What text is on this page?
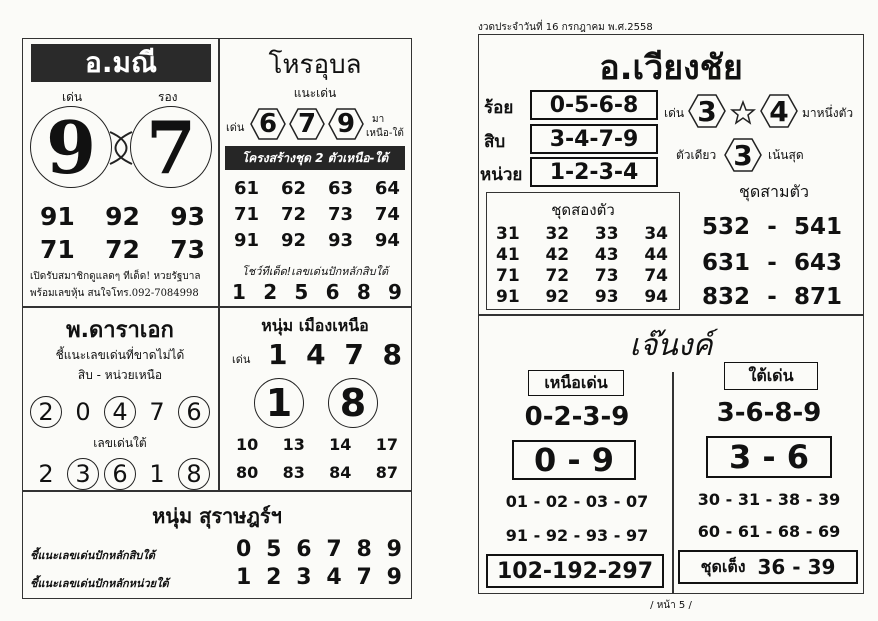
อ.มณี
เด่น	รอง
9 7
91 92 93
71 72 73
เปิดรับสมาชิกดูแลดๆ ทีเด็ด! หวยรัฐบาล
พร้อมเลขหุ้น สนใจโทร.092-7084998
โหรอุบล
แนะเด่น
เด่น 6 7 9 มา
เหนือ-ใต้
โครงสร้างชุด 2 ตัวเหนือ-ใต้
61 62 63 64
71 72 73 74
91 92 93 94
โชว์ทีเด็ด!เลขเด่นปักหลักสิบใต้
1 2 5 6 8 9
พ.ดาราเอก
ชี้แนะเลขเด่นที่ขาดไม่ได้
สิบ - หน่วยเหนือ
2 0 4 7 6
เลขเด่นใต้
2 3 6 1 8
หนุ่ม เมืองเหนือ
เด่น 1 4 7 8
1 8
10 13 14 17
80 83 84 87
หนุ่ม สุราษฎร์ฯ
ชี้แนะเลขเด่นปักหลักสิบใต้	0 5 6 7 8 9
ชี้แนะเลขเด่นปักหลักหน่วยใต้	1 2 3 4 7 9
งวดประจำวันที่ 16 กรกฎาคม พ.ศ.2558
อ.เวียงชัย
ร้อย	0-5-6-8
สิบ	3-4-7-9
หน่วย	1-2-3-4
เด่น 3 4 มาหนึ่งตัว
ตัวเดียว 3 เน้นสุด
ชุดสองตัว
31 32 33 34
41 42 43 44
71 72 73 74
91 92 93 94
ชุดสามตัว
532 - 541
631 - 643
832 - 871
เจ๊นงค์
เหนือเด่น
0-2-3-9
0 - 9
01 - 02 - 03 - 07
91 - 92 - 93 - 97
102-192-297
ใต้เด่น
3-6-8-9
3 - 6
30 - 31 - 38 - 39
60 - 61 - 68 - 69
ชุดเต็ง 36 - 39
/ หน้า 5 /
